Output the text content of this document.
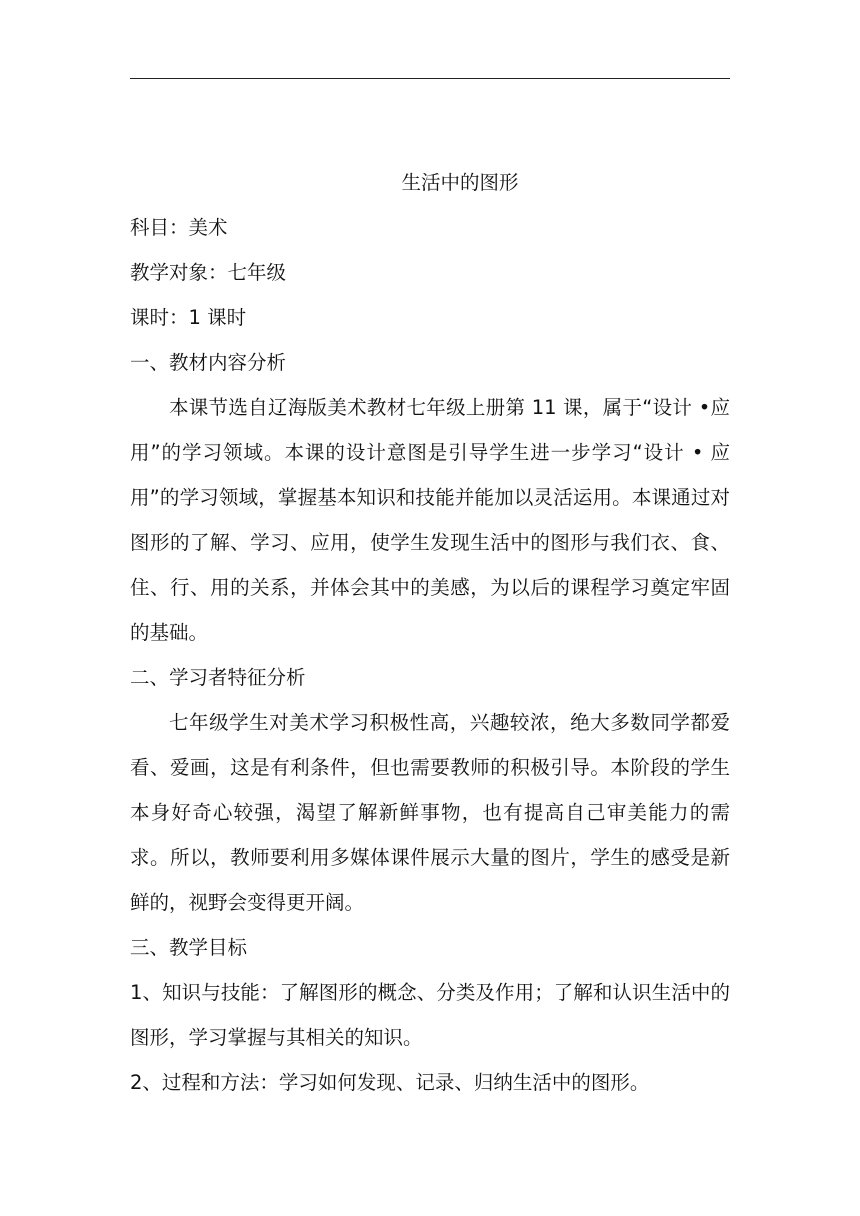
生活中的图形

科目：美术

教学对象：七年级

课时：1 课时

一、教材内容分析

本课节选自辽海版美术教材七年级上册第 11 课，属于“设计 •应用”的学习领域。本课的设计意图是引导学生进一步学习“设计 • 应用”的学习领域，掌握基本知识和技能并能加以灵活运用。本课通过对图形的了解、学习、应用，使学生发现生活中的图形与我们衣、食、住、行、用的关系，并体会其中的美感，为以后的课程学习奠定牢固的基础。

二、学习者特征分析

七年级学生对美术学习积极性高，兴趣较浓，绝大多数同学都爱看、爱画，这是有利条件，但也需要教师的积极引导。本阶段的学生本身好奇心较强，渴望了解新鲜事物，也有提高自己审美能力的需求。所以，教师要利用多媒体课件展示大量的图片，学生的感受是新鲜的，视野会变得更开阔。

三、教学目标

1、知识与技能：了解图形的概念、分类及作用；了解和认识生活中的图形，学习掌握与其相关的知识。

2、过程和方法：学习如何发现、记录、归纳生活中的图形。
